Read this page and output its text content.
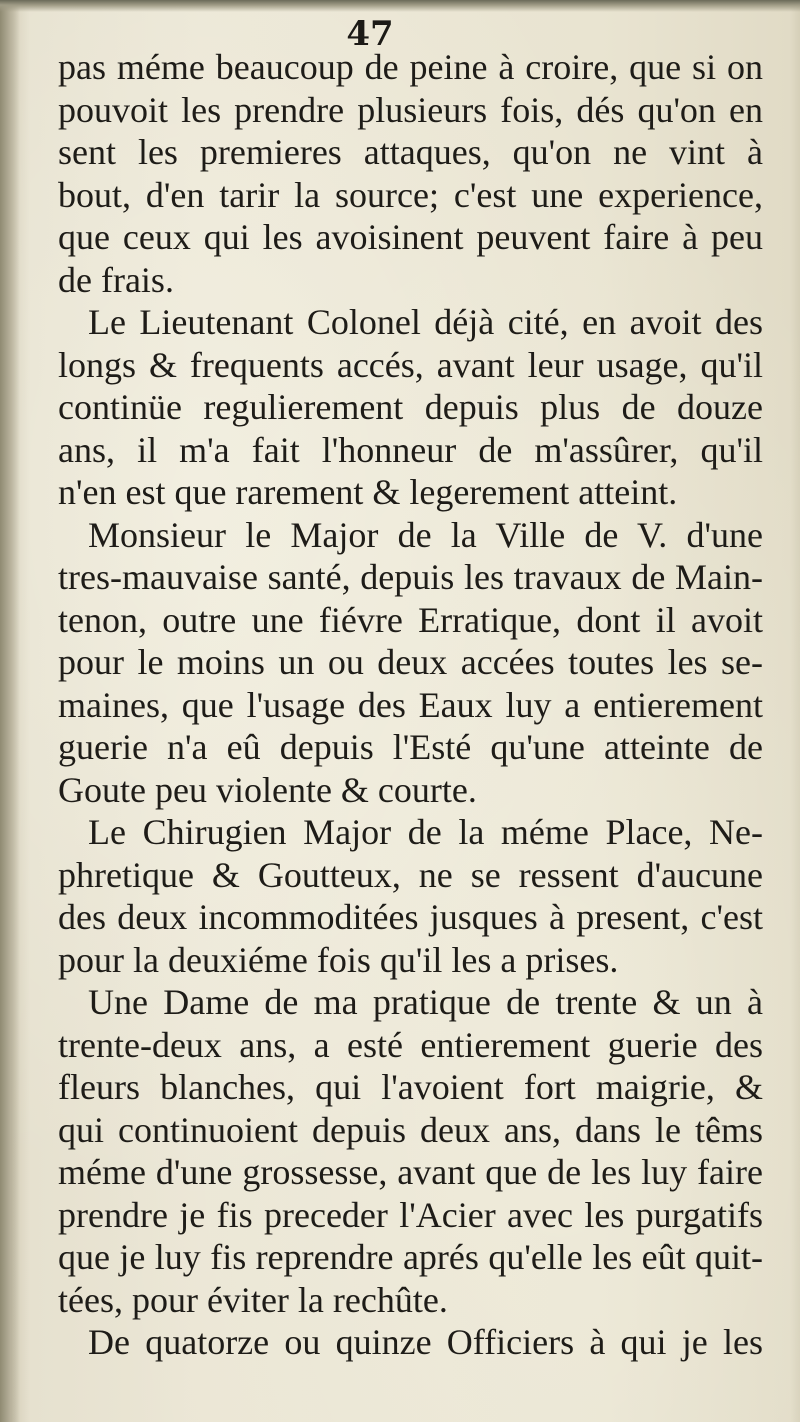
47
pas méme beaucoup de peine à croire, que si on
pouvoit les prendre plusieurs fois, dés qu'on en
sent les premieres attaques, qu'on ne vint à
bout, d'en tarir la source; c'est une experience,
que ceux qui les avoisinent peuvent faire à peu
de frais.
Le Lieutenant Colonel déjà cité, en avoit des
longs & frequents accés, avant leur usage, qu'il
continüe regulierement depuis plus de douze
ans, il m'a fait l'honneur de m'assûrer, qu'il
n'en est que rarement & legerement atteint.
Monsieur le Major de la Ville de V. d'une
tres-mauvaise santé, depuis les travaux de Main-
tenon, outre une fiévre Erratique, dont il avoit
pour le moins un ou deux accées toutes les se-
maines, que l'usage des Eaux luy a entierement
guerie n'a eû depuis l'Esté qu'une atteinte de
Goute peu violente & courte.
Le Chirugien Major de la méme Place, Ne-
phretique & Goutteux, ne se ressent d'aucune
des deux incommoditées jusques à present, c'est
pour la deuxiéme fois qu'il les a prises.
Une Dame de ma pratique de trente & un à
trente-deux ans, a esté entierement guerie des
fleurs blanches, qui l'avoient fort maigrie, &
qui continuoient depuis deux ans, dans le têms
méme d'une grossesse, avant que de les luy faire
prendre je fis preceder l'Acier avec les purgatifs
que je luy fis reprendre aprés qu'elle les eût quit-
tées, pour éviter la rechûte.
De quatorze ou quinze Officiers à qui je les
